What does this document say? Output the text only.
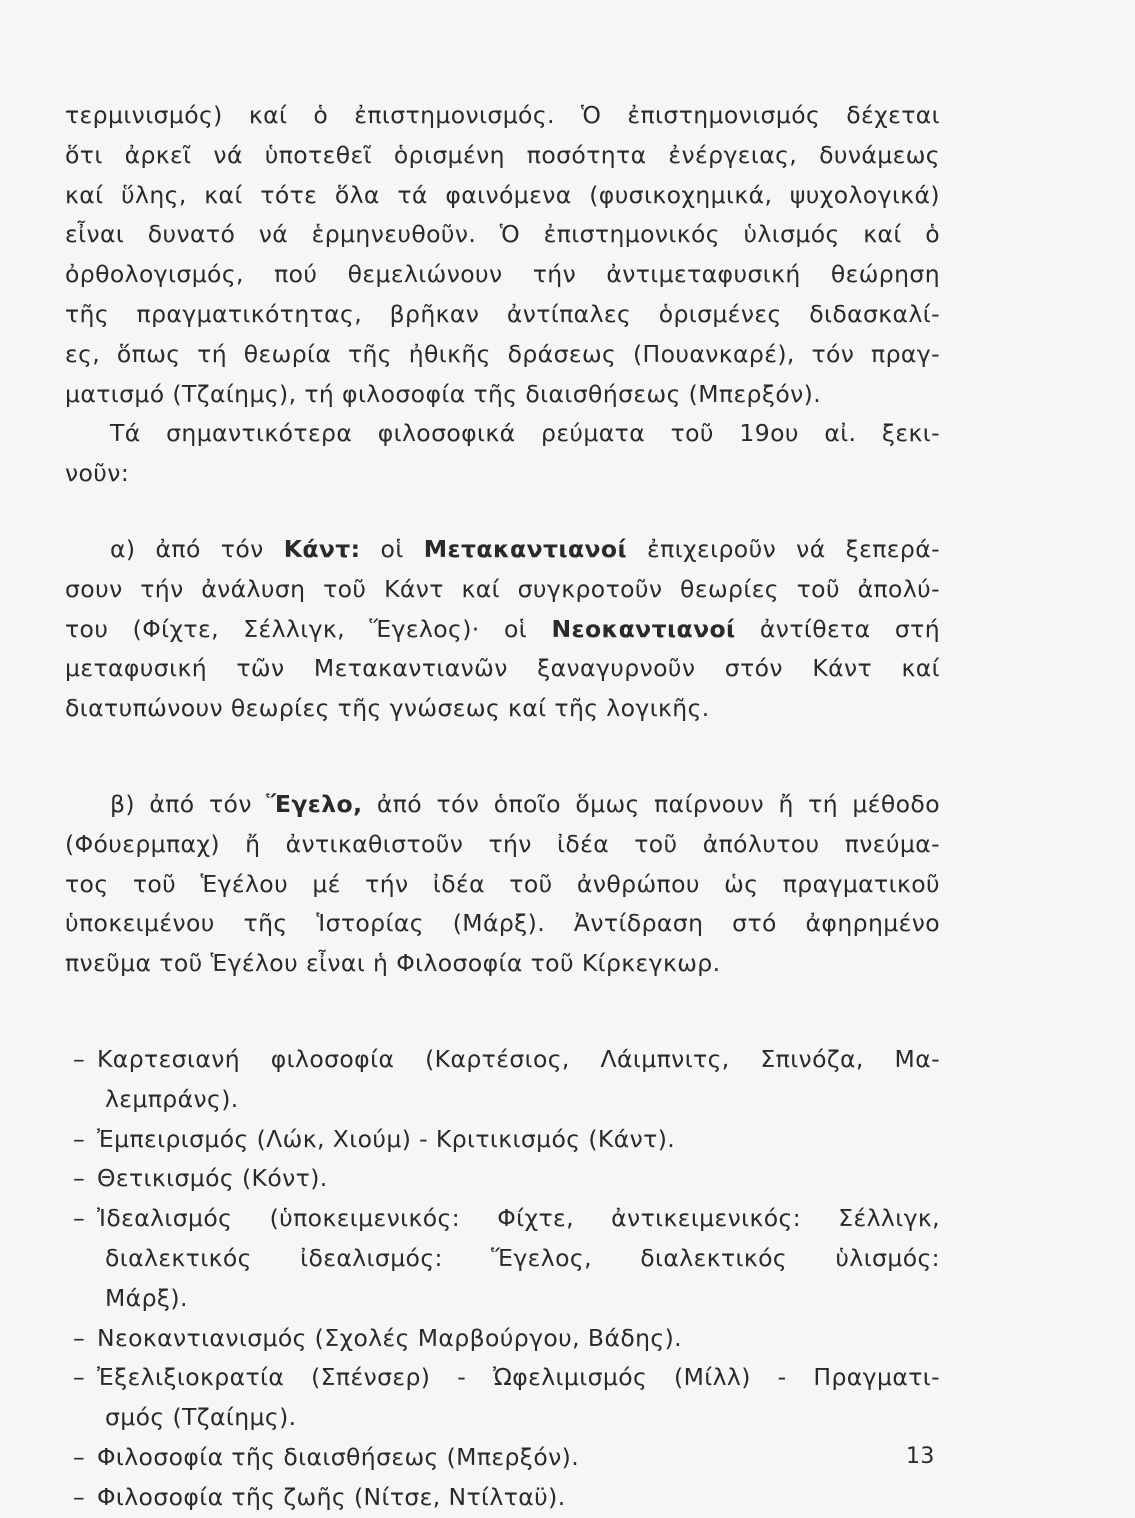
τερμινισμός) καί ὁ ἐπιστημονισμός. Ὁ ἐπιστημονισμός δέχεται
ὅτι ἀρκεῖ νά ὑποτεθεῖ ὁρισμένη ποσότητα ἐνέργειας, δυνάμεως
καί ὕλης, καί τότε ὅλα τά φαινόμενα (φυσικοχημικά, ψυχολογικά)
εἶναι δυνατό νά ἑρμηνευθοῦν. Ὁ ἐπιστημονικός ὑλισμός καί ὁ
ὀρθολογισμός, πού θεμελιώνουν τήν ἀντιμεταφυσική θεώρηση
τῆς πραγματικότητας, βρῆκαν ἀντίπαλες ὁρισμένες διδασκαλί-
ες, ὅπως τή θεωρία τῆς ἠθικῆς δράσεως (Πουανκαρέ), τόν πραγ-
ματισμό (Τζαίημς), τή φιλοσοφία τῆς διαισθήσεως (Μπερξόν).
Τά σημαντικότερα φιλοσοφικά ρεύματα τοῦ 19ου αἰ. ξεκι-
νοῦν:
α) ἀπό τόν Κάντ: οἱ Μετακαντιανοί ἐπιχειροῦν νά ξεπερά-
σουν τήν ἀνάλυση τοῦ Κάντ καί συγκροτοῦν θεωρίες τοῦ ἀπολύ-
του (Φίχτε, Σέλλιγκ, Ἕγελος)· οἱ Νεοκαντιανοί ἀντίθετα στή
μεταφυσική τῶν Μετακαντιανῶν ξαναγυρνοῦν στόν Κάντ καί
διατυπώνουν θεωρίες τῆς γνώσεως καί τῆς λογικῆς.
β) ἀπό τόν Ἕγελο, ἀπό τόν ὁποῖο ὅμως παίρνουν ἤ τή μέθοδο
(Φόυερμπαχ) ἤ ἀντικαθιστοῦν τήν ἰδέα τοῦ ἀπόλυτου πνεύμα-
τος τοῦ Ἑγέλου μέ τήν ἰδέα τοῦ ἀνθρώπου ὡς πραγματικοῦ
ὑποκειμένου τῆς Ἱστορίας (Μάρξ). Ἀντίδραση στό ἀφηρημένο
πνεῦμα τοῦ Ἑγέλου εἶναι ἡ Φιλοσοφία τοῦ Κίρκεγκωρ.
– Καρτεσιανή φιλοσοφία (Καρτέσιος, Λάιμπνιτς, Σπινόζα, Μα-
λεμπράνς).
– Ἐμπειρισμός (Λώκ, Χιούμ) - Κριτικισμός (Κάντ).
– Θετικισμός (Κόντ).
– Ἰδεαλισμός (ὑποκειμενικός: Φίχτε, ἀντικειμενικός: Σέλλιγκ,
διαλεκτικός ἰδεαλισμός: Ἕγελος, διαλεκτικός ὑλισμός:
Μάρξ).
– Νεοκαντιανισμός (Σχολές Μαρβούργου, Βάδης).
– Ἐξελιξιοκρατία (Σπένσερ) - Ὠφελιμισμός (Μίλλ) - Πραγματι-
σμός (Τζαίημς).
– Φιλοσοφία τῆς διαισθήσεως (Μπερξόν).
– Φιλοσοφία τῆς ζωῆς (Νίτσε, Ντίλταϋ).
13
